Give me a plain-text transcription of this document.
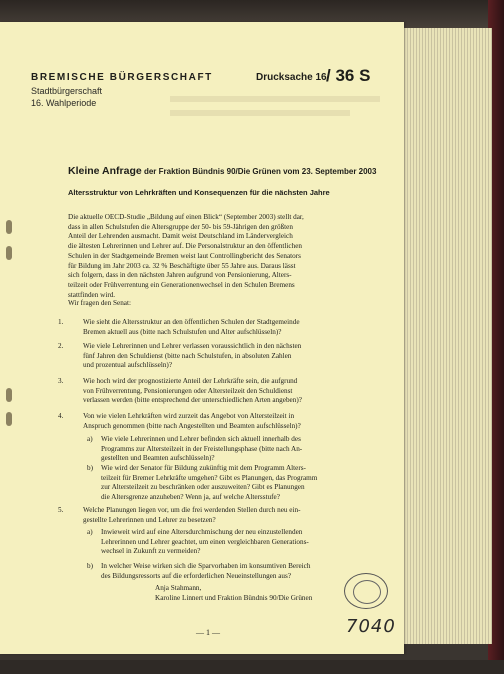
BREMISCHE BÜRGERSCHAFT
Stadtbürgerschaft
16. Wahlperiode
Drucksache 16 / 36 S
Kleine Anfrage der Fraktion Bündnis 90/Die Grünen vom 23. September 2003
Altersstruktur von Lehrkräften und Konsequenzen für die nächsten Jahre
Die aktuelle OECD-Studie „Bildung auf einen Blick“ (September 2003) stellt dar,
dass in allen Schulstufen die Altersgruppe der 50- bis 59-Jährigen den größten
Anteil der Lehrenden ausmacht. Damit weist Deutschland im Ländervergleich
die ältesten Lehrerinnen und Lehrer auf. Die Personalstruktur an den öffentlichen
Schulen in der Stadtgemeinde Bremen weist laut Controllingbericht des Senators
für Bildung im Jahr 2003 ca. 32 % Beschäftigte über 55 Jahre aus. Daraus lässt
sich folgern, dass in den nächsten Jahren aufgrund von Pensionierung, Alters-
teilzeit oder Frühverrentung ein Generationenwechsel in den Schulen Bremens
stattfinden wird.
Wir fragen den Senat:
1.	Wie sieht die Altersstruktur an den öffentlichen Schulen der Stadtgemeinde
Bremen aktuell aus (bitte nach Schulstufen und Alter aufschlüsseln)?
2.	Wie viele Lehrerinnen und Lehrer verlassen voraussichtlich in den nächsten
fünf Jahren den Schuldienst (bitte nach Schulstufen, in absoluten Zahlen
und prozentual aufschlüsseln)?
3.	Wie hoch wird der prognostizierte Anteil der Lehrkräfte sein, die aufgrund
von Frühverrentung, Pensionierungen oder Altersteilzeit den Schuldienst
verlassen werden (bitte entsprechend der unterschiedlichen Arten angeben)?
4.	Von wie vielen Lehrkräften wird zurzeit das Angebot von Altersteilzeit in
Anspruch genommen (bitte nach Angestellten und Beamten aufschlüsseln)?
a) Wie viele Lehrerinnen und Lehrer befinden sich aktuell innerhalb des
Programms zur Altersteilzeit in der Freistellungsphase (bitte nach An-
gestellten und Beamten aufschlüsseln)?
b) Wie wird der Senator für Bildung zukünftig mit dem Programm Alters-
teilzeit für Bremer Lehrkräfte umgehen? Gibt es Planungen, das Programm
zur Altersteilzeit zu beschränken oder auszuweiten? Gibt es Planungen
die Altersgrenze anzuheben? Wenn ja, auf welche Altersstufe?
5.	Welche Planungen liegen vor, um die frei werdenden Stellen durch neu ein-
gestellte Lehrerinnen und Lehrer zu besetzen?
a) Inwieweit wird auf eine Altersdurchmischung der neu einzustellenden
Lehrerinnen und Lehrer geachtet, um einen vergleichbaren Generations-
wechsel in Zukunft zu vermeiden?
b) In welcher Weise wirken sich die Sparvorhaben im konsumtiven Bereich
des Bildungsressorts auf die erforderlichen Neueinstellungen aus?
Anja Stahmann,
Karoline Linnert und Fraktion Bündnis 90/Die Grünen
— 1 —	7040
